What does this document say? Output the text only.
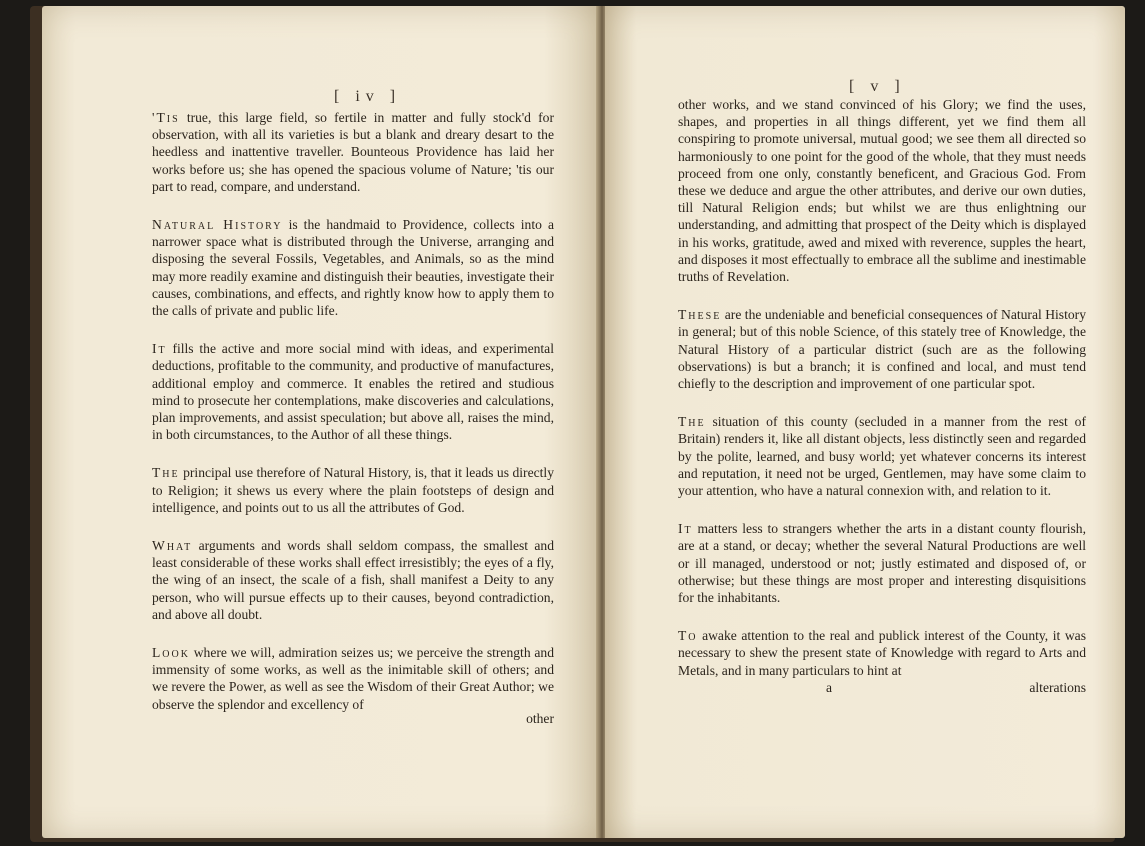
[ iv ]

'Tis true, this large field, so fertile in matter and fully stock'd for observation, with all its varieties is but a blank and dreary desart to the heedless and inattentive traveller. Bounteous Providence has laid her works before us; she has opened the spacious volume of Nature; 'tis our part to read, compare, and understand.

Natural History is the handmaid to Providence, collects into a narrower space what is distributed through the Universe, arranging and disposing the several Fossils, Vegetables, and Animals, so as the mind may more readily examine and distinguish their beauties, investigate their causes, combinations, and effects, and rightly know how to apply them to the calls of private and public life.

It fills the active and more social mind with ideas, and experimental deductions, profitable to the community, and productive of manufactures, additional employ and commerce. It enables the retired and studious mind to prosecute her contemplations, make discoveries and calculations, plan improvements, and assist speculation; but above all, raises the mind, in both circumstances, to the Author of all these things.

The principal use therefore of Natural History, is, that it leads us directly to Religion; it shews us every where the plain footsteps of design and intelligence, and points out to us all the attributes of God.

What arguments and words shall seldom compass, the smallest and least considerable of these works shall effect irresistibly; the eyes of a fly, the wing of an insect, the scale of a fish, shall manifest a Deity to any person, who will pursue effects up to their causes, beyond contradiction, and above all doubt.

Look where we will, admiration seizes us; we perceive the strength and immensity of some works, as well as the inimitable skill of others; and we revere the Power, as well as see the Wisdom of their Great Author; we observe the splendor and excellency of

other
[ v ]

other works, and we stand convinced of his Glory; we find the uses, shapes, and properties in all things different, yet we find them all conspiring to promote universal, mutual good; we see them all directed so harmoniously to one point for the good of the whole, that they must needs proceed from one only, constantly beneficent, and Gracious God. From these we deduce and argue the other attributes, and derive our own duties, till Natural Religion ends; but whilst we are thus enlightning our understanding, and admitting that prospect of the Deity which is displayed in his works, gratitude, awed and mixed with reverence, supples the heart, and disposes it most effectually to embrace all the sublime and inestimable truths of Revelation.

These are the undeniable and beneficial consequences of Natural History in general; but of this noble Science, of this stately tree of Knowledge, the Natural History of a particular district (such are as the following observations) is but a branch; it is confined and local, and must tend chiefly to the description and improvement of one particular spot.

The situation of this county (secluded in a manner from the rest of Britain) renders it, like all distant objects, less distinctly seen and regarded by the polite, learned, and busy world; yet whatever concerns its interest and reputation, it need not be urged, Gentlemen, may have some claim to your attention, who have a natural connexion with, and relation to it.

It matters less to strangers whether the arts in a distant county flourish, are at a stand, or decay; whether the several Natural Productions are well or ill managed, understood or not; justly estimated and disposed of, or otherwise; but these things are most proper and interesting disquisitions for the inhabitants.

To awake attention to the real and publick interest of the County, it was necessary to shew the present state of Knowledge with regard to Arts and Metals, and in many particulars to hint at

a	alterations
